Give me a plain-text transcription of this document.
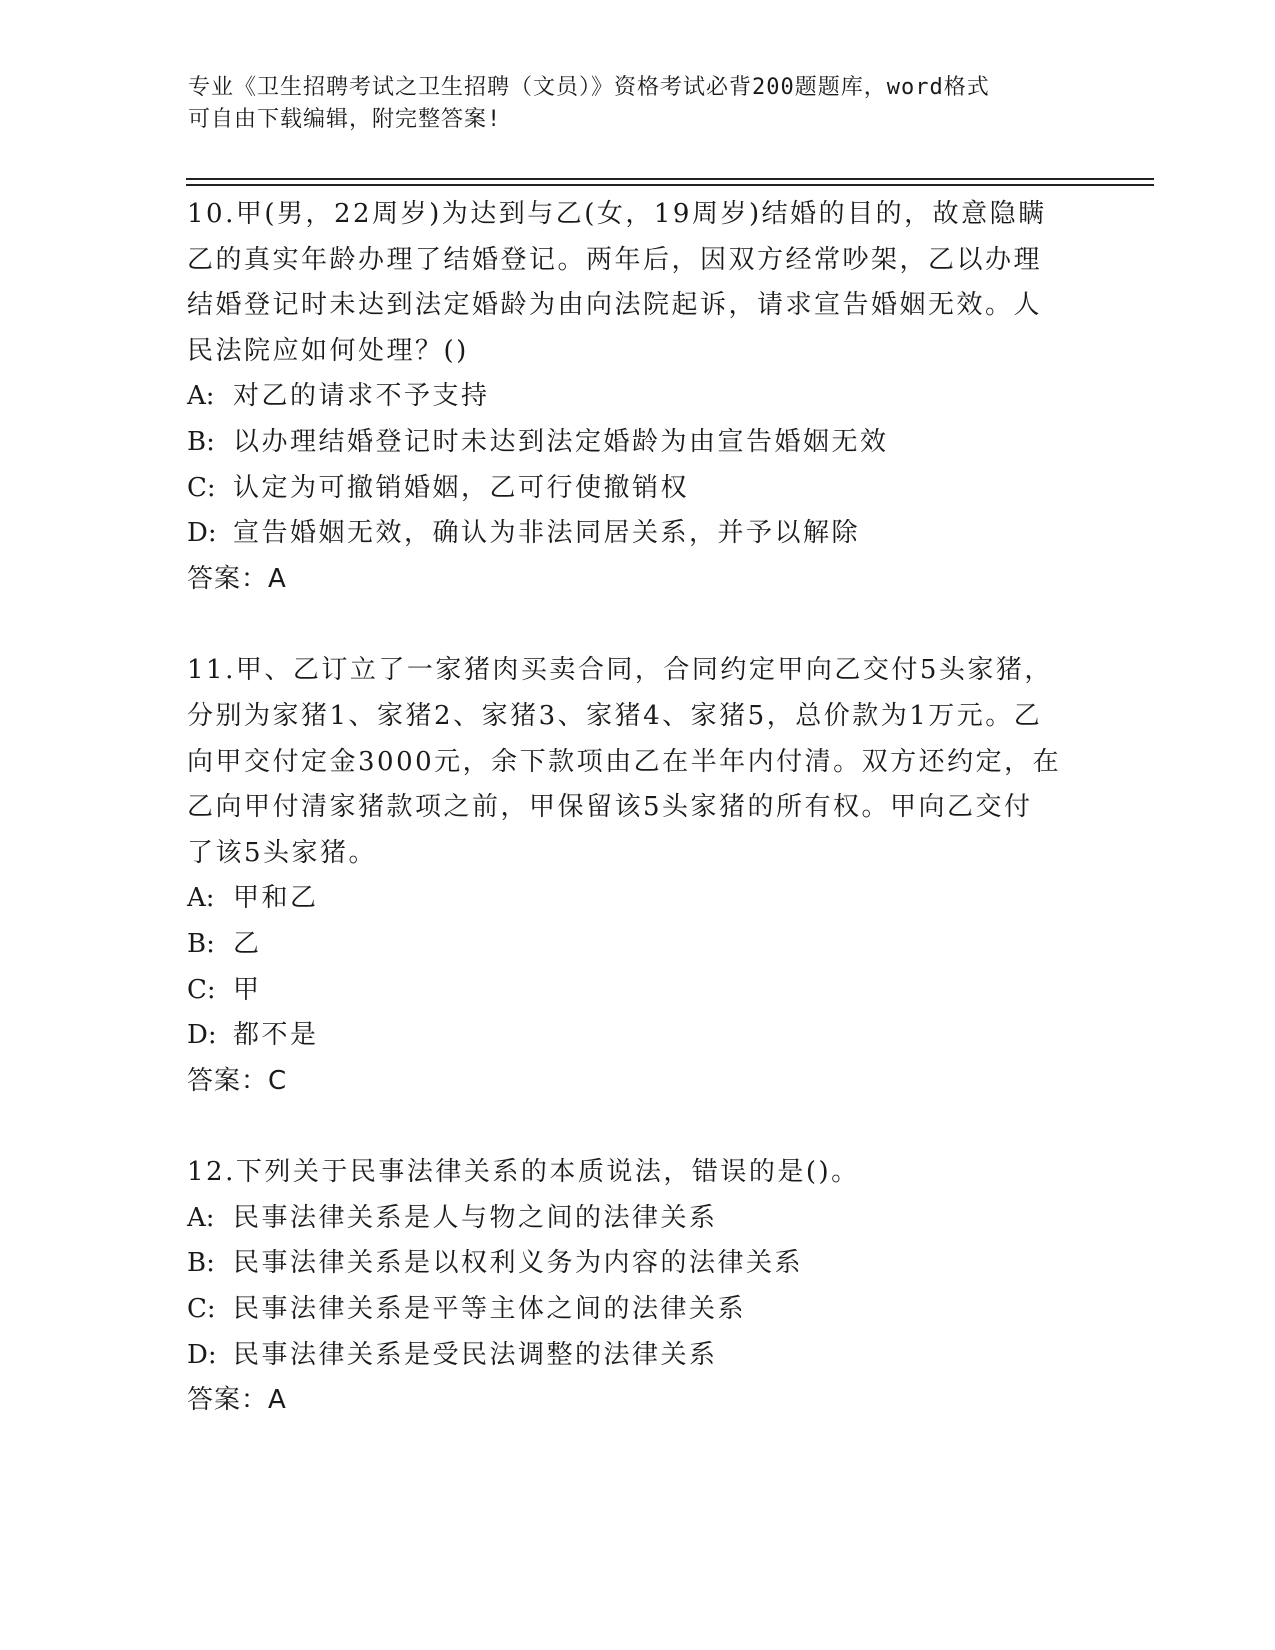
专业《卫生招聘考试之卫生招聘（文员）》资格考试必背200题题库，word格式
可自由下载编辑，附完整答案!
10.甲(男，22周岁)为达到与乙(女，19周岁)结婚的目的，故意隐瞒
乙的真实年龄办理了结婚登记。两年后，因双方经常吵架，乙以办理
结婚登记时未达到法定婚龄为由向法院起诉，请求宣告婚姻无效。人
民法院应如何处理？()
A: 对乙的请求不予支持
B: 以办理结婚登记时未达到法定婚龄为由宣告婚姻无效
C: 认定为可撤销婚姻，乙可行使撤销权
D: 宣告婚姻无效，确认为非法同居关系，并予以解除
答案：A
11.甲、乙订立了一家猪肉买卖合同，合同约定甲向乙交付5头家猪，
分别为家猪1、家猪2、家猪3、家猪4、家猪5，总价款为1万元。乙
向甲交付定金3000元，余下款项由乙在半年内付清。双方还约定，在
乙向甲付清家猪款项之前，甲保留该5头家猪的所有权。甲向乙交付
了该5头家猪。
A: 甲和乙
B: 乙
C: 甲
D: 都不是
答案：C
12.下列关于民事法律关系的本质说法，错误的是()。
A: 民事法律关系是人与物之间的法律关系
B: 民事法律关系是以权利义务为内容的法律关系
C: 民事法律关系是平等主体之间的法律关系
D: 民事法律关系是受民法调整的法律关系
答案：A
